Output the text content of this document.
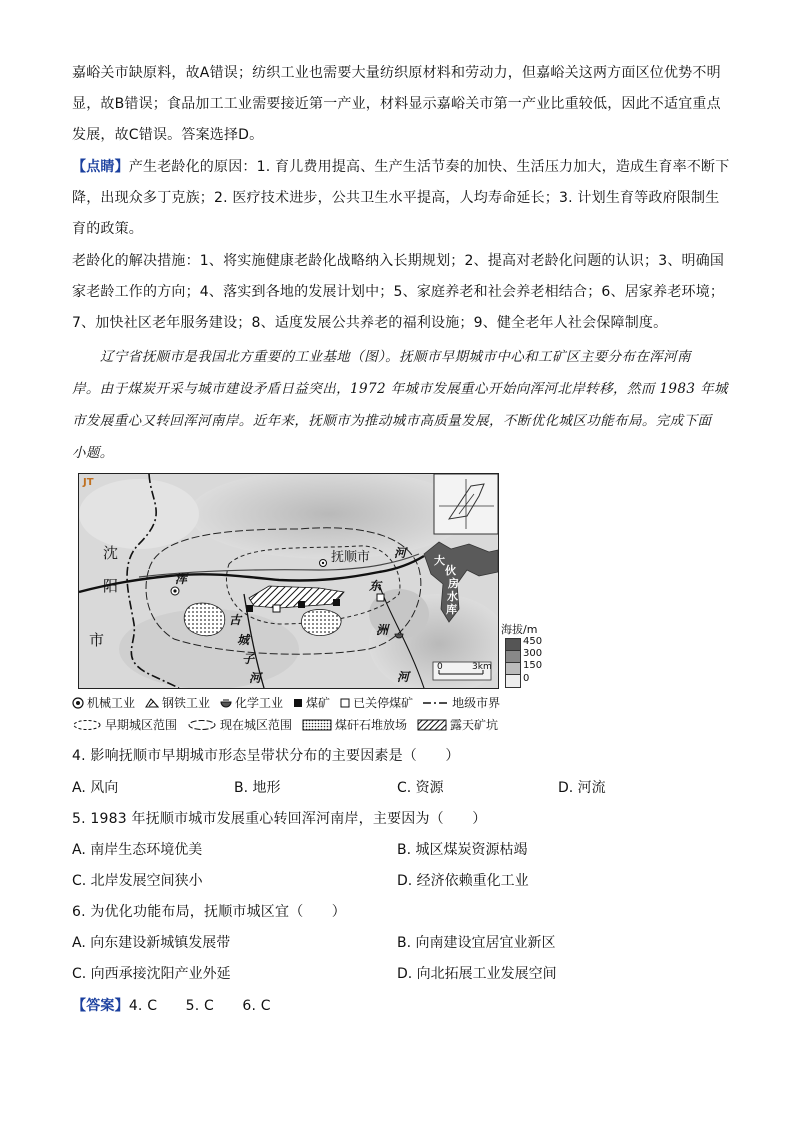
嘉峪关市缺原料，故A错误；纺织工业也需要大量纺织原材料和劳动力，但嘉峪关这两方面区位优势不明
显，故B错误；食品加工工业需要接近第一产业，材料显示嘉峪关市第一产业比重较低，因此不适宜重点
发展，故C错误。答案选择D。
【点睛】产生老龄化的原因：1. 育儿费用提高、生产生活节奏的加快、生活压力加大，造成生育率不断下
降，出现众多丁克族；2. 医疗技术进步，公共卫生水平提高，人均寿命延长；3. 计划生育等政府限制生
育的政策。
老龄化的解决措施：1、将实施健康老龄化战略纳入长期规划；2、提高对老龄化问题的认识；3、明确国
家老龄工作的方向；4、落实到各地的发展计划中；5、家庭养老和社会养老相结合；6、居家养老环境；
7、加快社区老年服务建设；8、适度发展公共养老的福利设施；9、健全老年人社会保障制度。
辽宁省抚顺市是我国北方重要的工业基地（图）。抚顺市早期城市中心和工矿区主要分布在浑河南
岸。由于煤炭开采与城市建设矛盾日益突出，1972 年城市发展重心开始向浑河北岸转移，然而 1983 年城
市发展重心又转回浑河南岸。近年来，抚顺市为推动城市高质量发展，不断优化城区功能布局。完成下面
小题。
JT
沈
阳
市
抚顺市
浑
河
东
洲
河
古
城
子
河
大
伙
房
水
库
0	3km
海拔/m
450
300
150
0
机械工业 钢铁工业 化学工业 煤矿 已关停煤矿	地级市界
早期城区范围	现在城区范围	煤矸石堆放场	露天矿坑
4. 影响抚顺市早期城市形态呈带状分布的主要因素是（　　）
A. 风向	B. 地形	C. 资源	D. 河流
5. 1983 年抚顺市城市发展重心转回浑河南岸，主要因为（　　）
A. 南岸生态环境优美	B. 城区煤炭资源枯竭
C. 北岸发展空间狭小	D. 经济依赖重化工业
6. 为优化功能布局，抚顺市城区宜（　　）
A. 向东建设新城镇发展带	B. 向南建设宜居宜业新区
C. 向西承接沈阳产业外延	D. 向北拓展工业发展空间
【答案】4. C　　5. C　　6. C
